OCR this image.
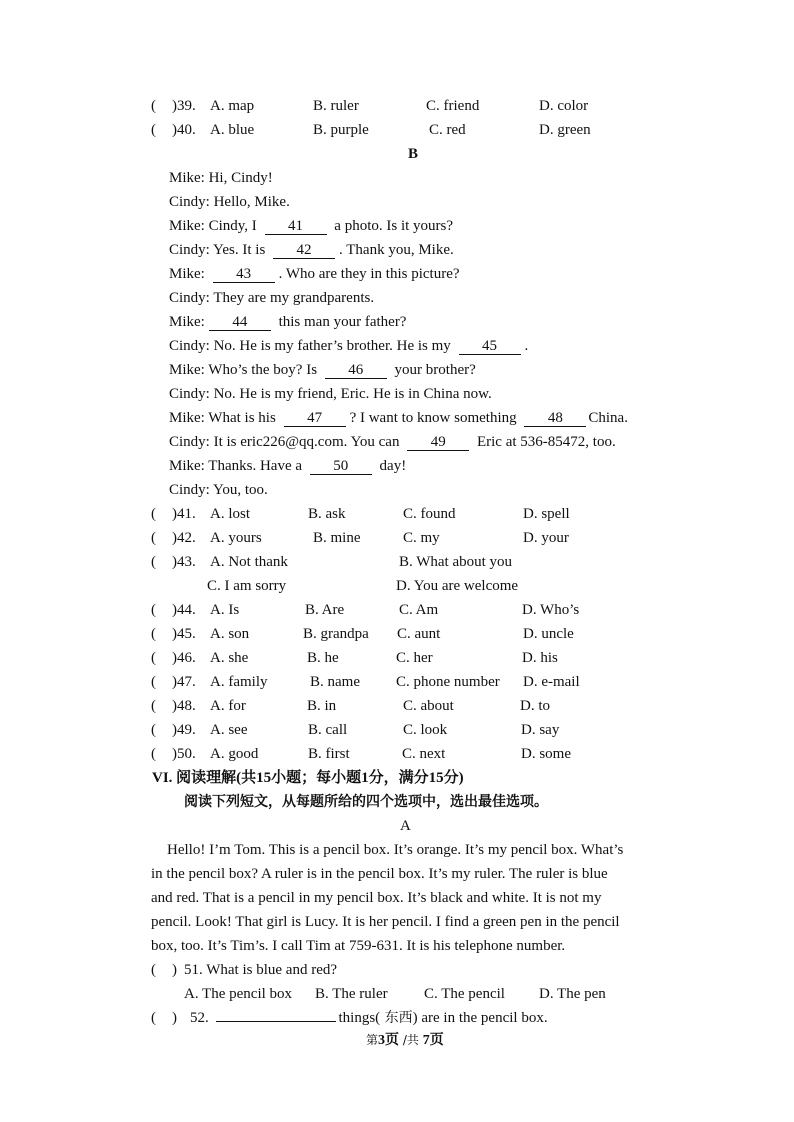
( )39. A. map	B. ruler	C. friend	D. color
( )40. A. blue	B. purple	C. red	D. green
B
Mike: Hi, Cindy!
Cindy: Hello, Mike.
Mike: Cindy, I 41 a photo. Is it yours?
Cindy: Yes. It is 42 . Thank you, Mike.
Mike: 43 . Who are they in this picture?
Cindy: They are my grandparents.
Mike: 44 this man your father?
Cindy: No. He is my father’s brother. He is my 45 .
Mike: Who’s the boy? Is 46 your brother?
Cindy: No. He is my friend, Eric. He is in China now.
Mike: What is his 47 ? I want to know something 48 China.
Cindy: It is eric226@qq.com. You can 49 Eric at 536-85472, too.
Mike: Thanks. Have a 50 day!
Cindy: You, too.
( )41. A. lost	B. ask	C. found	D. spell
( )42. A. yours	B. mine	C. my	D. your
( )43. A. Not thank	B. What about you
C. I am sorry	D. You are welcome
( )44. A. Is	B. Are	C. Am	D. Who’s
( )45. A. son	B. grandpa C. aunt	D. uncle
( )46. A. she	B. he	C. her	D. his
( )47. A. family	B. name C. phone number D. e-mail
( )48. A. for	B. in	C. about	D. to
( )49. A. see	B. call	C. look	D. say
( )50. A. good	B. first	C. next	D. some
VI. 阅读理解(共15小题；每小题1分，满分15分)
阅读下列短文，从每题所给的四个选项中，选出最佳选项。
A
Hello! I’m Tom. This is a pencil box. It’s orange. It’s my pencil box. What’s
in the pencil box? A ruler is in the pencil box. It’s my ruler. The ruler is blue
and red. That is a pencil in my pencil box. It’s black and white. It is not my
pencil. Look! That girl is Lucy. It is her pencil. I find a green pen in the pencil
box, too. It’s Tim’s. I call Tim at 759-631. It is his telephone number.
( ) 51. What is blue and red?
A. The pencil box B. The ruler C. The pencil D. The pen
( ) 52.	things( 东西) are in the pencil box.
第3页 /共 7页
